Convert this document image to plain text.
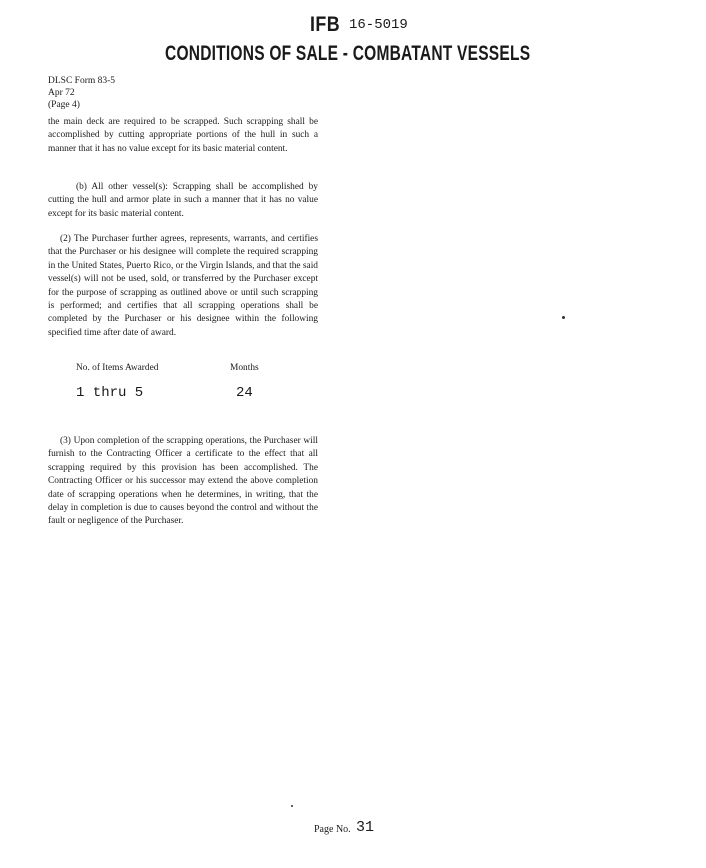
IFB 16-5019
CONDITIONS OF SALE - COMBATANT VESSELS
DLSC Form 83-5
Apr 72
(Page 4)

the main deck are required to be scrapped. Such scrapping shall be accomplished by cutting appropriate portions of the hull in such a manner that it has no value except for its basic material content.

(b) All other vessel(s): Scrapping shall be accomplished by cutting the hull and armor plate in such a manner that it has no value except for its basic material content.

(2) The Purchaser further agrees, represents, warrants, and certifies that the Purchaser or his designee will complete the required scrapping in the United States, Puerto Rico, or the Virgin Islands, and that the said vessel(s) will not be used, sold, or transferred by the Purchaser except for the purpose of scrapping as outlined above or until such scrapping is performed; and certifies that all scrapping operations shall be completed by the Purchaser or his designee within the following specified time after date of award.

No. of Items Awarded	Months
1 thru 5	24

(3) Upon completion of the scrapping operations, the Purchaser will furnish to the Contracting Officer a certificate to the effect that all scrapping required by this provision has been accomplished. The Contracting Officer or his successor may extend the above completion date of scrapping operations when he determines, in writing, that the delay in completion is due to causes beyond the control and without the fault or negligence of the Purchaser.

Page No. 31
